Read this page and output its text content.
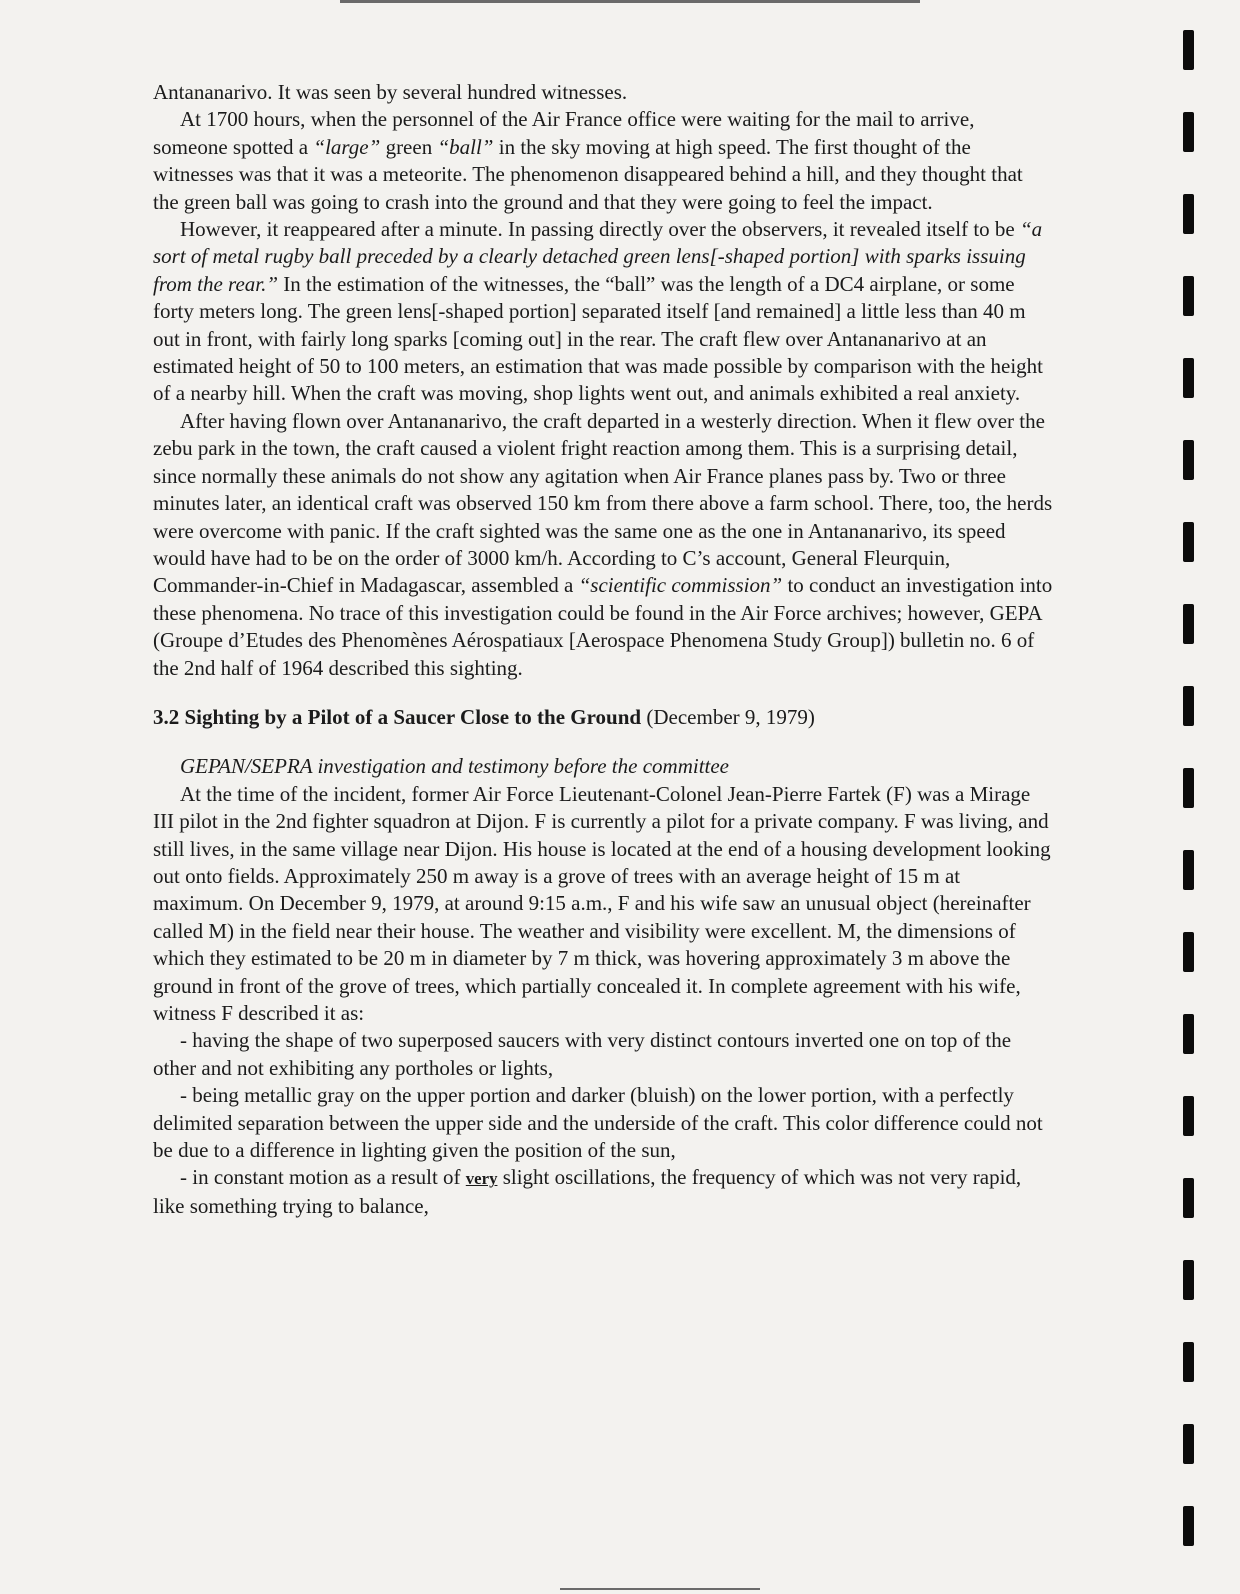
Antananarivo. It was seen by several hundred witnesses.

At 1700 hours, when the personnel of the Air France office were waiting for the mail to arrive, someone spotted a “large” green “ball” in the sky moving at high speed. The first thought of the witnesses was that it was a meteorite. The phenomenon disappeared behind a hill, and they thought that the green ball was going to crash into the ground and that they were going to feel the impact.

However, it reappeared after a minute. In passing directly over the observers, it revealed itself to be “a sort of metal rugby ball preceded by a clearly detached green lens[-shaped portion] with sparks issuing from the rear.” In the estimation of the witnesses, the “ball” was the length of a DC4 airplane, or some forty meters long. The green lens[-shaped portion] separated itself [and remained] a little less than 40 m out in front, with fairly long sparks [coming out] in the rear. The craft flew over Antananarivo at an estimated height of 50 to 100 meters, an estimation that was made possible by comparison with the height of a nearby hill. When the craft was moving, shop lights went out, and animals exhibited a real anxiety.

After having flown over Antananarivo, the craft departed in a westerly direction. When it flew over the zebu park in the town, the craft caused a violent fright reaction among them. This is a surprising detail, since normally these animals do not show any agitation when Air France planes pass by. Two or three minutes later, an identical craft was observed 150 km from there above a farm school. There, too, the herds were overcome with panic. If the craft sighted was the same one as the one in Antananarivo, its speed would have had to be on the order of 3000 km/h. According to C’s account, General Fleurquin, Commander-in-Chief in Madagascar, assembled a “scientific commission” to conduct an investigation into these phenomena. No trace of this investigation could be found in the Air Force archives; however, GEPA (Groupe d’Etudes des Phenomènes Aérospatiaux [Aerospace Phenomena Study Group]) bulletin no. 6 of the 2nd half of 1964 described this sighting.

3.2 Sighting by a Pilot of a Saucer Close to the Ground (December 9, 1979)

GEPAN/SEPRA investigation and testimony before the committee

At the time of the incident, former Air Force Lieutenant-Colonel Jean-Pierre Fartek (F) was a Mirage III pilot in the 2nd fighter squadron at Dijon. F is currently a pilot for a private company. F was living, and still lives, in the same village near Dijon. His house is located at the end of a housing development looking out onto fields. Approximately 250 m away is a grove of trees with an average height of 15 m at maximum. On December 9, 1979, at around 9:15 a.m., F and his wife saw an unusual object (hereinafter called M) in the field near their house. The weather and visibility were excellent. M, the dimensions of which they estimated to be 20 m in diameter by 7 m thick, was hovering approximately 3 m above the ground in front of the grove of trees, which partially concealed it. In complete agreement with his wife, witness F described it as:

- having the shape of two superposed saucers with very distinct contours inverted one on top of the other and not exhibiting any portholes or lights,

- being metallic gray on the upper portion and darker (bluish) on the lower portion, with a perfectly delimited separation between the upper side and the underside of the craft. This color difference could not be due to a difference in lighting given the position of the sun,

- in constant motion as a result of very slight oscillations, the frequency of which was not very rapid, like something trying to balance,
